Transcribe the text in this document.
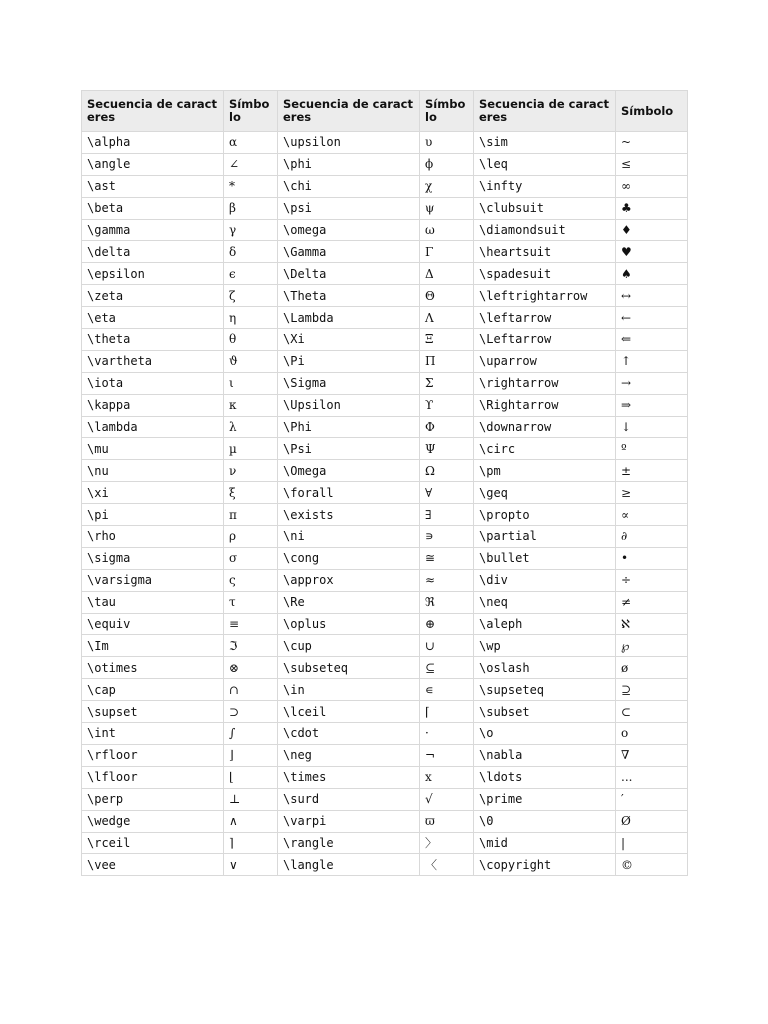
Secuencia de caracteres	Símbolo	Secuencia de caracteres	Símbolo	Secuencia de caracteres	Símbolo
\alpha	α	\upsilon	υ	\sim	~
\angle	∠	\phi	ϕ	\leq	≤
\ast	*	\chi	χ	\infty	∞
\beta	β	\psi	ψ	\clubsuit	♣
\gamma	γ	\omega	ω	\diamondsuit	♦
\delta	δ	\Gamma	Γ	\heartsuit	♥
\epsilon	ϵ	\Delta	Δ	\spadesuit	♠
\zeta	ζ	\Theta	Θ	\leftrightarrow	↔
\eta	η	\Lambda	Λ	\leftarrow	←
\theta	θ	\Xi	Ξ	\Leftarrow	⇐
\vartheta	ϑ	\Pi	Π	\uparrow	↑
\iota	ι	\Sigma	Σ	\rightarrow	→
\kappa	κ	\Upsilon	ϒ	\Rightarrow	⇒
\lambda	λ	\Phi	Φ	\downarrow	↓
\mu	µ	\Psi	Ψ	\circ	º
\nu	ν	\Omega	Ω	\pm	±
\xi	ξ	\forall	∀	\geq	≥
\pi	π	\exists	∃	\propto	∝
\rho	ρ	\ni	∍	\partial	∂
\sigma	σ	\cong	≅	\bullet	•
\varsigma	ς	\approx	≈	\div	÷
\tau	τ	\Re	ℜ	\neq	≠
\equiv	≡	\oplus	⊕	\aleph	ℵ
\Im	ℑ	\cup	∪	\wp	℘
\otimes	⊗	\subseteq	⊆	\oslash	ø
\cap	∩	\in	∊	\supseteq	⊇
\supset	⊃	\lceil	⌈	\subset	⊂
\int	∫	\cdot	·	\o	ο
\rfloor	⌋	\neg	¬	\nabla	∇
\lfloor	⌊	\times	x	\ldots	...
\perp	⊥	\surd	√	\prime	′
\wedge	∧	\varpi	ϖ	\0	Ø
\rceil	⌉	\rangle	〉	\mid	|
\vee	∨	\langle	〈	\copyright	©
